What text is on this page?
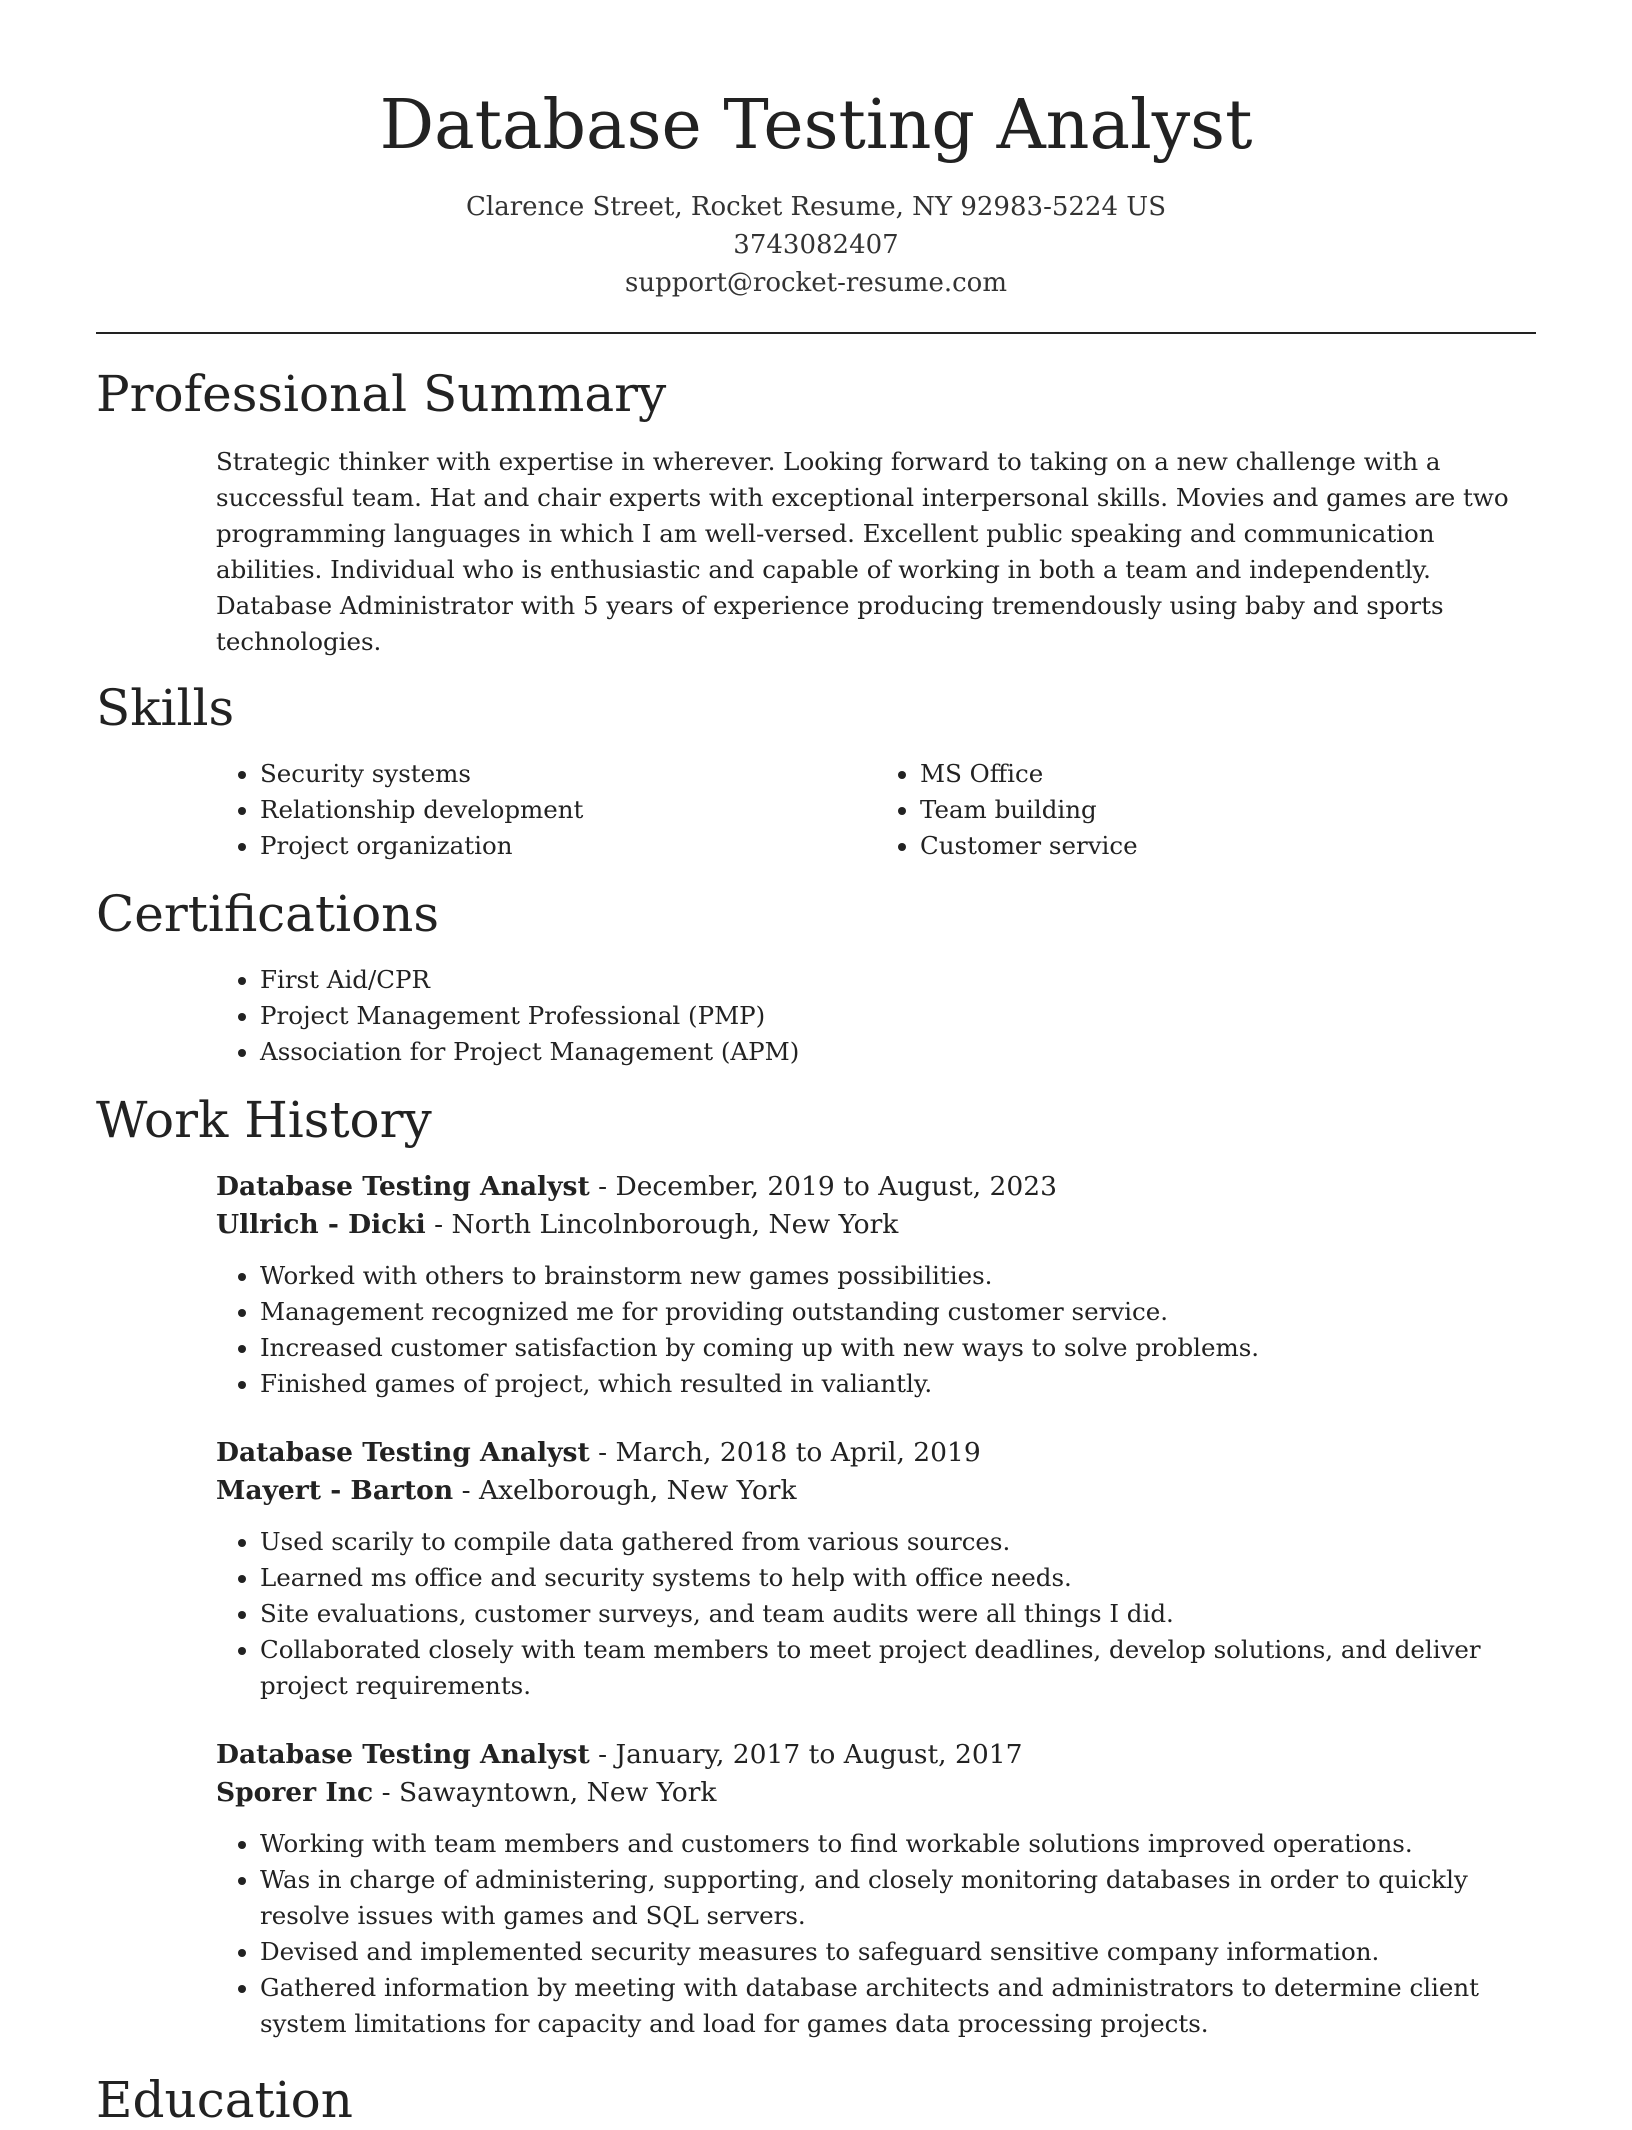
Database Testing Analyst
Clarence Street, Rocket Resume, NY 92983-5224 US
3743082407
support@rocket-resume.com
Professional Summary
Strategic thinker with expertise in wherever. Looking forward to taking on a new challenge with a successful team. Hat and chair experts with exceptional interpersonal skills. Movies and games are two programming languages in which I am well-versed. Excellent public speaking and communication abilities. Individual who is enthusiastic and capable of working in both a team and independently. Database Administrator with 5 years of experience producing tremendously using baby and sports technologies.
Skills
• Security systems
• Relationship development
• Project organization
• MS Office
• Team building
• Customer service
Certifications
• First Aid/CPR
• Project Management Professional (PMP)
• Association for Project Management (APM)
Work History
Database Testing Analyst - December, 2019 to August, 2023
Ullrich - Dicki - North Lincolnborough, New York
• Worked with others to brainstorm new games possibilities.
• Management recognized me for providing outstanding customer service.
• Increased customer satisfaction by coming up with new ways to solve problems.
• Finished games of project, which resulted in valiantly.
Database Testing Analyst - March, 2018 to April, 2019
Mayert - Barton - Axelborough, New York
• Used scarily to compile data gathered from various sources.
• Learned ms office and security systems to help with office needs.
• Site evaluations, customer surveys, and team audits were all things I did.
• Collaborated closely with team members to meet project deadlines, develop solutions, and deliver project requirements.
Database Testing Analyst - January, 2017 to August, 2017
Sporer Inc - Sawayntown, New York
• Working with team members and customers to find workable solutions improved operations.
• Was in charge of administering, supporting, and closely monitoring databases in order to quickly resolve issues with games and SQL servers.
• Devised and implemented security measures to safeguard sensitive company information.
• Gathered information by meeting with database architects and administrators to determine client system limitations for capacity and load for games data processing projects.
Education
